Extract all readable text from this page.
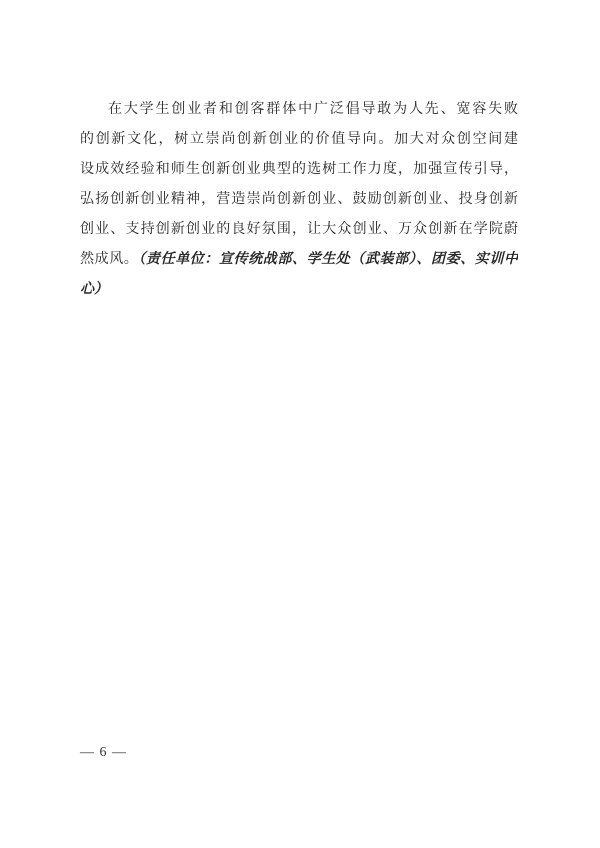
在大学生创业者和创客群体中广泛倡导敢为人先、宽容失败
的创新文化，树立崇尚创新创业的价值导向。加大对众创空间建
设成效经验和师生创新创业典型的选树工作力度，加强宣传引导，
弘扬创新创业精神，营造崇尚创新创业、鼓励创新创业、投身创新
创业、支持创新创业的良好氛围，让大众创业、万众创新在学院蔚
然成风。（责任单位：宣传统战部、学生处（武装部）、团委、实训中
心）
— 6 —
